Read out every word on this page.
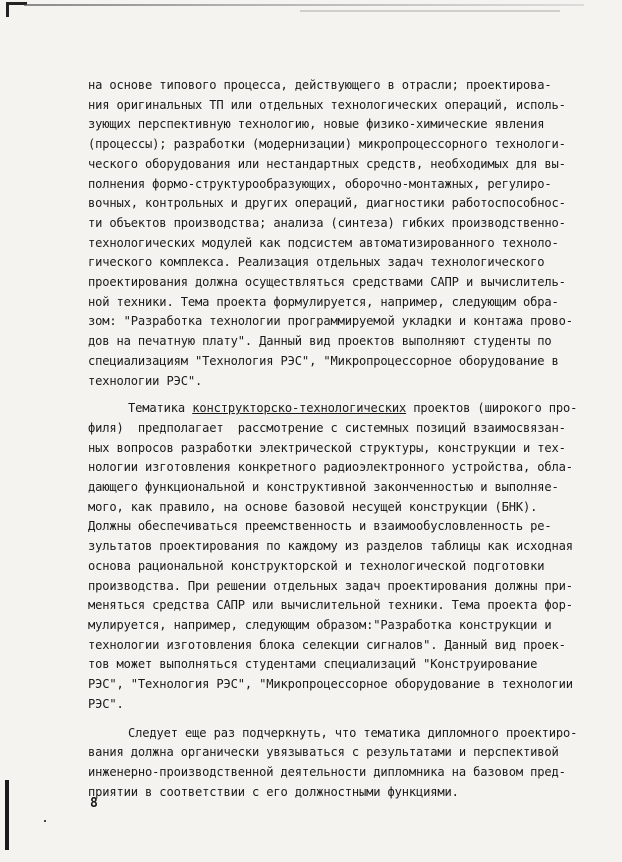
на основе типового процесса, действующего в отрасли; проектирова-
ния оригинальных ТП или отдельных технологических операций, исполь-
зующих перспективную технологию, новые физико-химические явления
(процессы); разработки (модернизации) микропроцессорного технологи-
ческого оборудования или нестандартных средств, необходимых для вы-
полнения формо-структурообразующих, оборочно-монтажных, регулиро-
вочных, контрольных и других операций, диагностики работоспособнос-
ти объектов производства; анализа (синтеза) гибких производственно-
технологических модулей как подсистем автоматизированного техноло-
гического комплекса. Реализация отдельных задач технологического
проектирования должна осуществляться средствами САПР и вычислитель-
ной техники. Тема проекта формулируется, например, следующим обра-
зом: "Разработка технологии программируемой укладки и контажа прово-
дов на печатную плату". Данный вид проектов выполняют студенты по
специализациям "Технология РЭС", "Микропроцессорное оборудование в
технологии РЭС".
Тематика конструкторско-технологических проектов (широкого про-
филя)  предполагает  рассмотрение с системных позиций взаимосвязан-
ных вопросов разработки электрической структуры, конструкции и тех-
нологии изготовления конкретного радиоэлектронного устройства, обла-
дающего функциональной и конструктивной законченностью и выполняе-
мого, как правило, на основе базовой несущей конструкции (БНК).
Должны обеспечиваться преемственность и взаимообусловленность ре-
зультатов проектирования по каждому из разделов таблицы как исходная
основа рациональной конструкторской и технологической подготовки
производства. При решении отдельных задач проектирования должны при-
меняться средства САПР или вычислительной техники. Тема проекта фор-
мулируется, например, следующим образом:"Разработка конструкции и
технологии изготовления блока селекции сигналов". Данный вид проек-
тов может выполняться студентами специализаций "Конструирование
РЭС", "Технология РЭС", "Микропроцессорное оборудование в технологии
РЭС".
Следует еще раз подчеркнуть, что тематика дипломного проектиро-
вания должна органически увязываться с результатами и перспективой
инженерно-производственной деятельности дипломника на базовом пред-
приятии в соответствии с его должностными функциями.
8
